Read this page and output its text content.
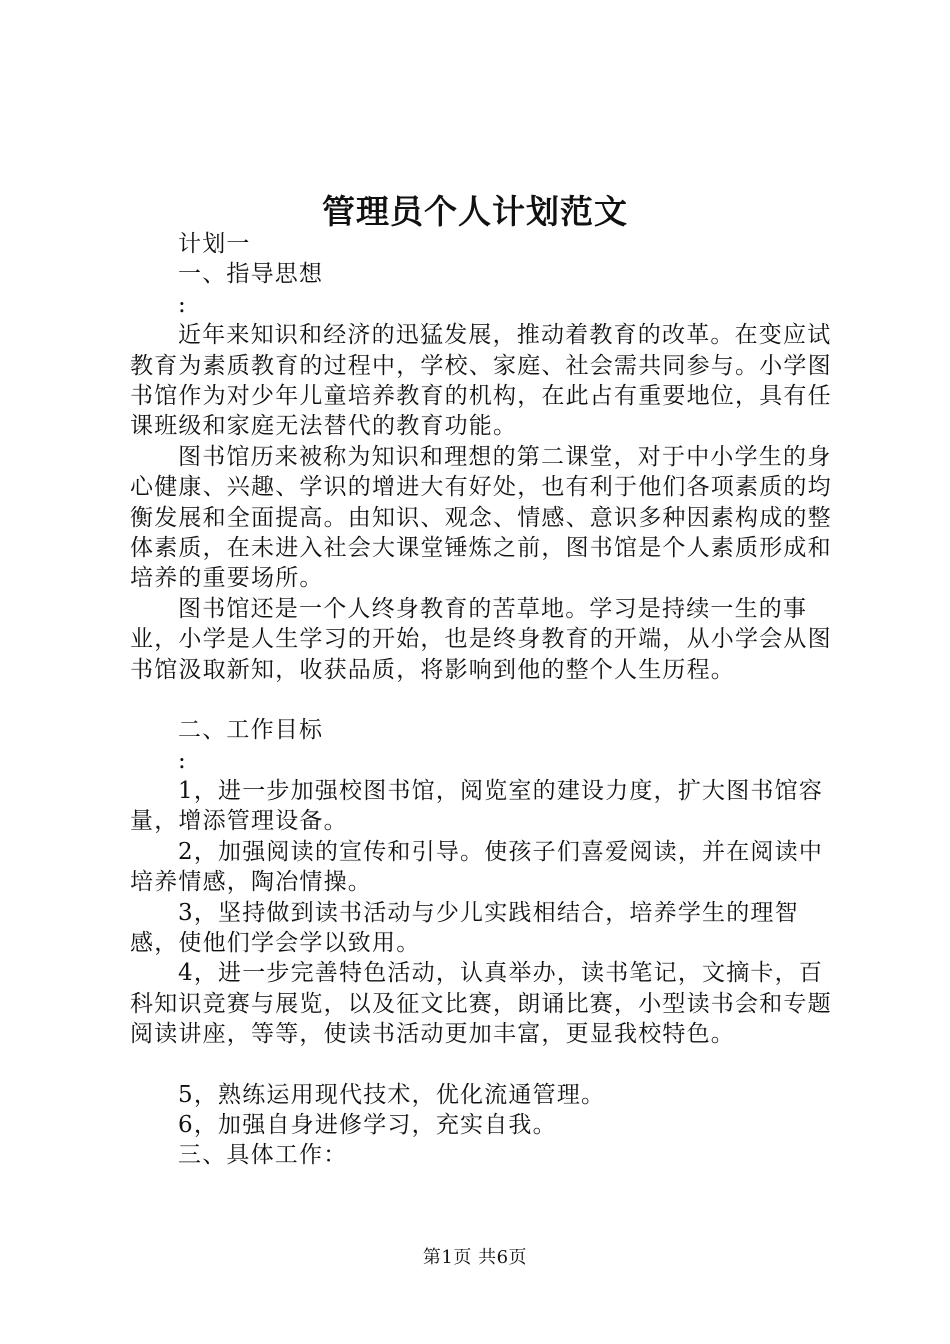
管理员个人计划范文

计划一

一、指导思想

:

近年来知识和经济的迅猛发展，推动着教育的改革。在变应试教育为素质教育的过程中，学校、家庭、社会需共同参与。小学图书馆作为对少年儿童培养教育的机构，在此占有重要地位，具有任课班级和家庭无法替代的教育功能。

图书馆历来被称为知识和理想的第二课堂，对于中小学生的身心健康、兴趣、学识的增进大有好处，也有利于他们各项素质的均衡发展和全面提高。由知识、观念、情感、意识多种因素构成的整体素质，在未进入社会大课堂锤炼之前，图书馆是个人素质形成和培养的重要场所。

图书馆还是一个人终身教育的苦草地。学习是持续一生的事业，小学是人生学习的开始，也是终身教育的开端，从小学会从图书馆汲取新知，收获品质，将影响到他的整个人生历程。

二、工作目标

:

1，进一步加强校图书馆，阅览室的建设力度，扩大图书馆容量，增添管理设备。

2，加强阅读的宣传和引导。使孩子们喜爱阅读，并在阅读中培养情感，陶冶情操。

3，坚持做到读书活动与少儿实践相结合，培养学生的理智感，使他们学会学以致用。

4，进一步完善特色活动，认真举办，读书笔记，文摘卡，百科知识竞赛与展览，以及征文比赛，朗诵比赛，小型读书会和专题阅读讲座，等等，使读书活动更加丰富，更显我校特色。

5，熟练运用现代技术，优化流通管理。

6，加强自身进修学习，充实自我。

三、具体工作：

第1页 共6页
